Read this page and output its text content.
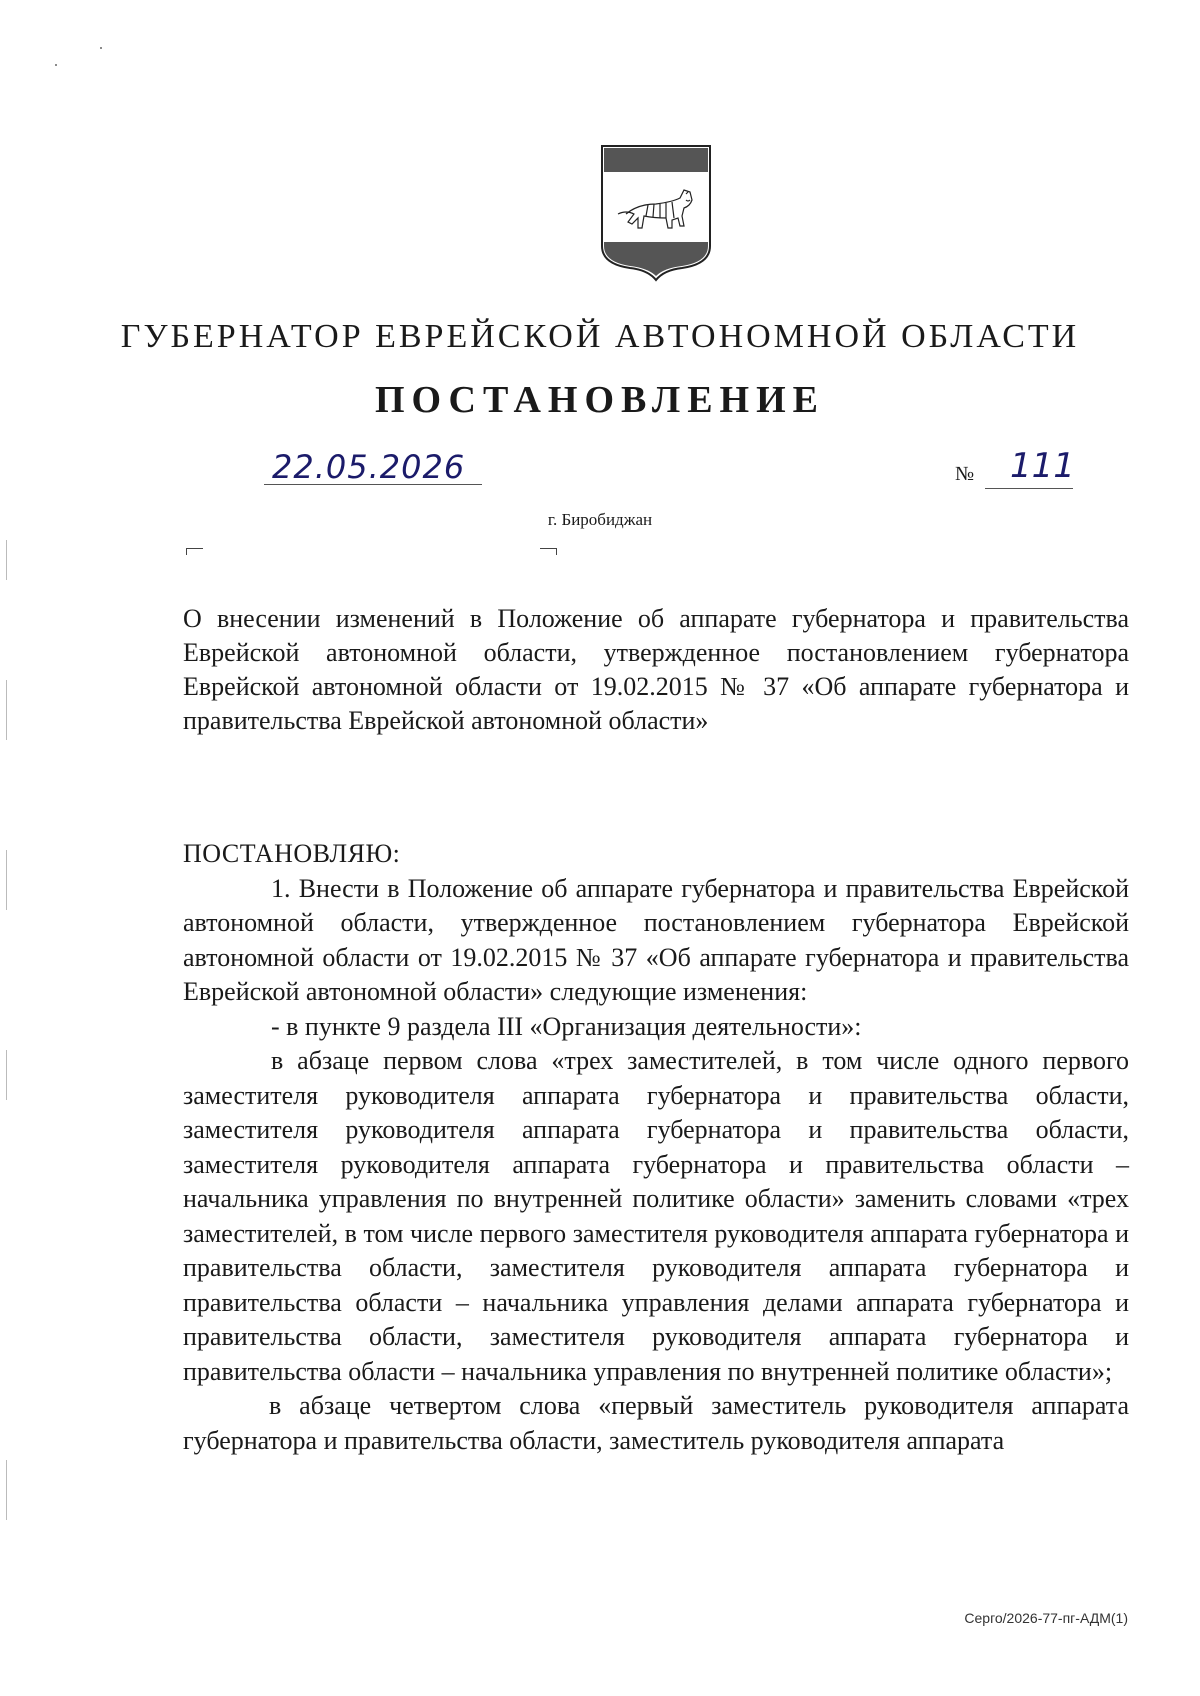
ГУБЕРНАТОР ЕВРЕЙСКОЙ АВТОНОМНОЙ ОБЛАСТИ
ПОСТАНОВЛЕНИЕ
22.05.2026	№ 111
г. Биробиджан
О внесении изменений в Положение об аппарате губернатора и правительства Еврейской автономной области, утвержденное постановлением губернатора Еврейской автономной области от 19.02.2015 № 37 «Об аппарате губернатора и правительства Еврейской автономной области»

ПОСТАНОВЛЯЮ:

1. Внести в Положение об аппарате губернатора и правительства Еврейской автономной области, утвержденное постановлением губернатора Еврейской автономной области от 19.02.2015 № 37 «Об аппарате губернатора и правительства Еврейской автономной области» следующие изменения:

- в пункте 9 раздела III «Организация деятельности»:

в абзаце первом слова «трех заместителей, в том числе одного первого заместителя руководителя аппарата губернатора и правительства области, заместителя руководителя аппарата губернатора и правительства области, заместителя руководителя аппарата губернатора и правительства области – начальника управления по внутренней политике области» заменить словами «трех заместителей, в том числе первого заместителя руководителя аппарата губернатора и правительства области, заместителя руководителя аппарата губернатора и правительства области – начальника управления делами аппарата губернатора и правительства области, заместителя руководителя аппарата губернатора и правительства области – начальника управления по внутренней политике области»;

в абзаце четвертом слова «первый заместитель руководителя аппарата губернатора и правительства области, заместитель руководителя аппарата

Серго/2026-77-пг-АДМ(1)
